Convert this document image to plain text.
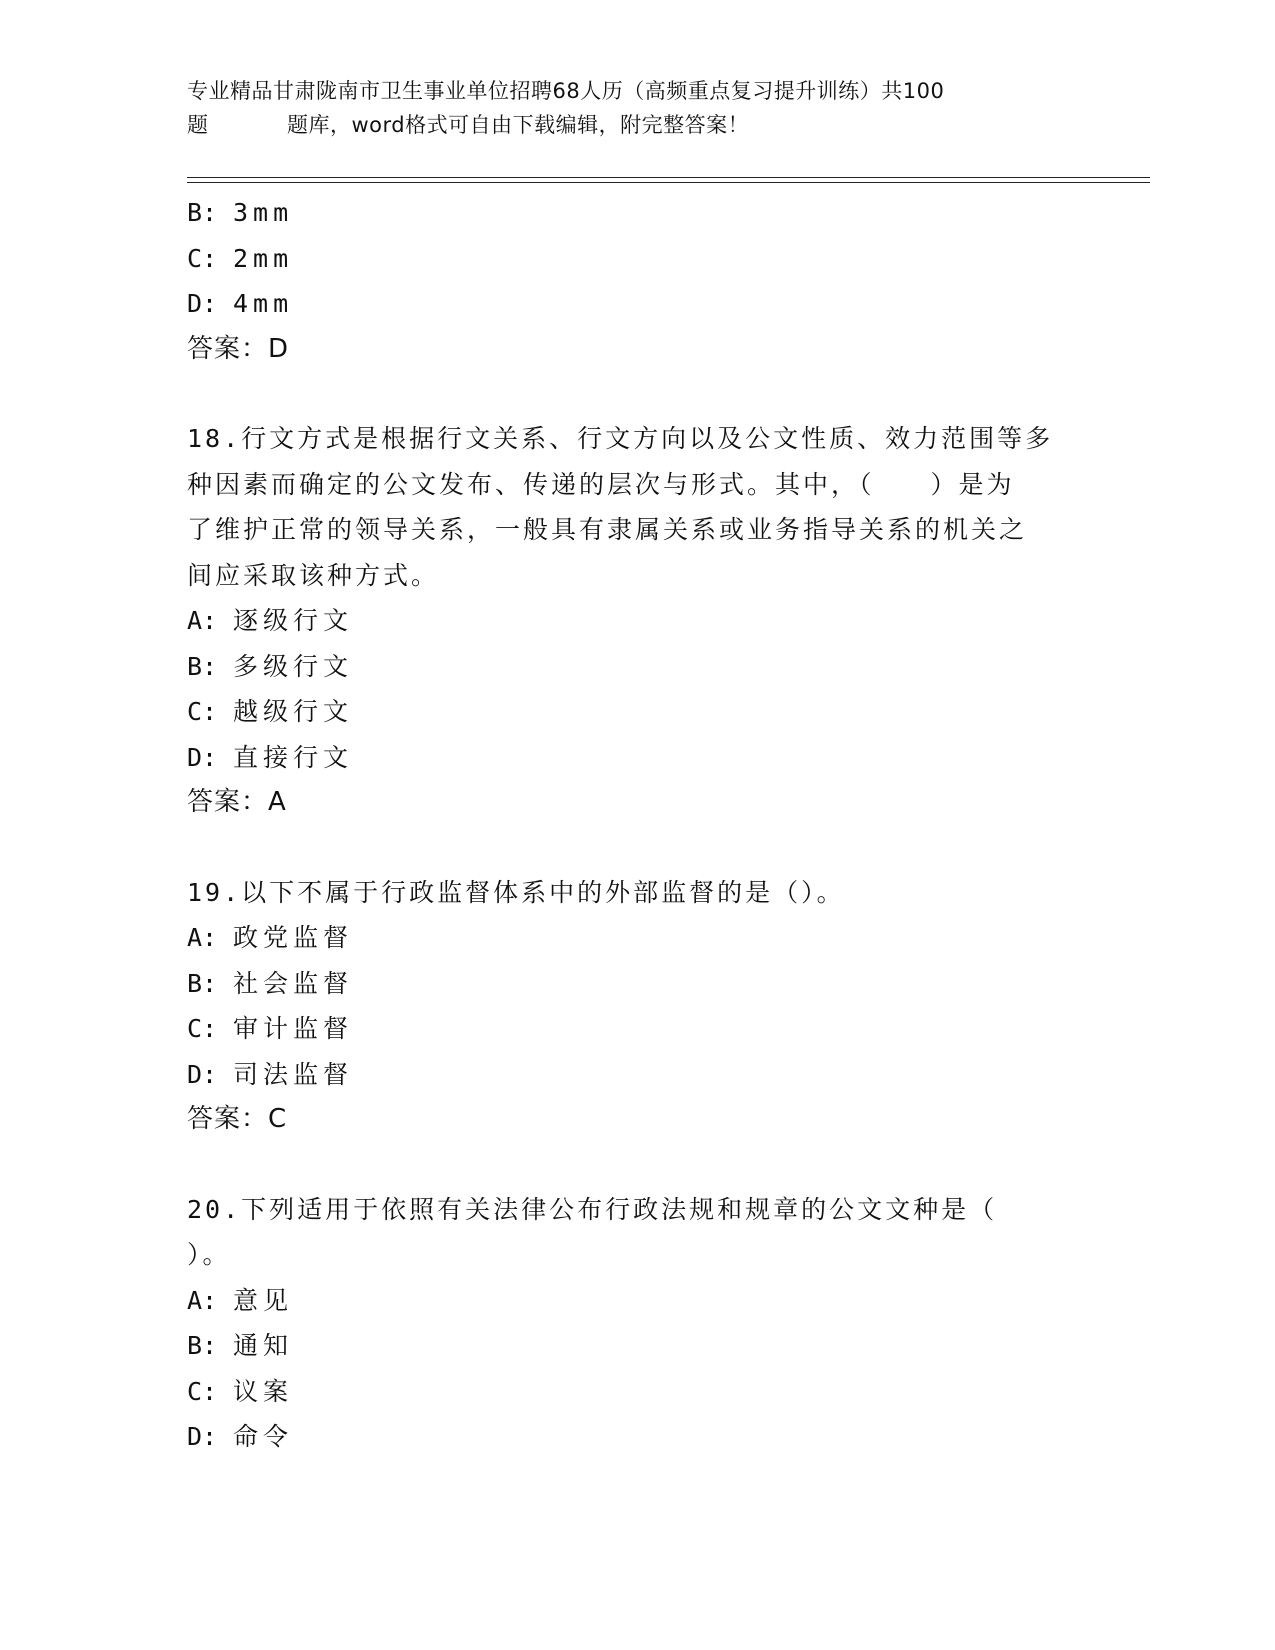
专业精品甘肃陇南市卫生事业单位招聘68人历（高频重点复习提升训练）共100
题	题库，word格式可自由下载编辑，附完整答案！
B: 3mm
C: 2mm
D: 4mm
答案：D
18.行文方式是根据行文关系、行文方向以及公文性质、效力范围等多
种因素而确定的公文发布、传递的层次与形式。其中，（　　）是为
了维护正常的领导关系，一般具有隶属关系或业务指导关系的机关之
间应采取该种方式。
A: 逐级行文
B: 多级行文
C: 越级行文
D: 直接行文
答案：A
19.以下不属于行政监督体系中的外部监督的是（）。
A: 政党监督
B: 社会监督
C: 审计监督
D: 司法监督
答案：C
20.下列适用于依照有关法律公布行政法规和规章的公文文种是（
）。
A: 意见
B: 通知
C: 议案
D: 命令
